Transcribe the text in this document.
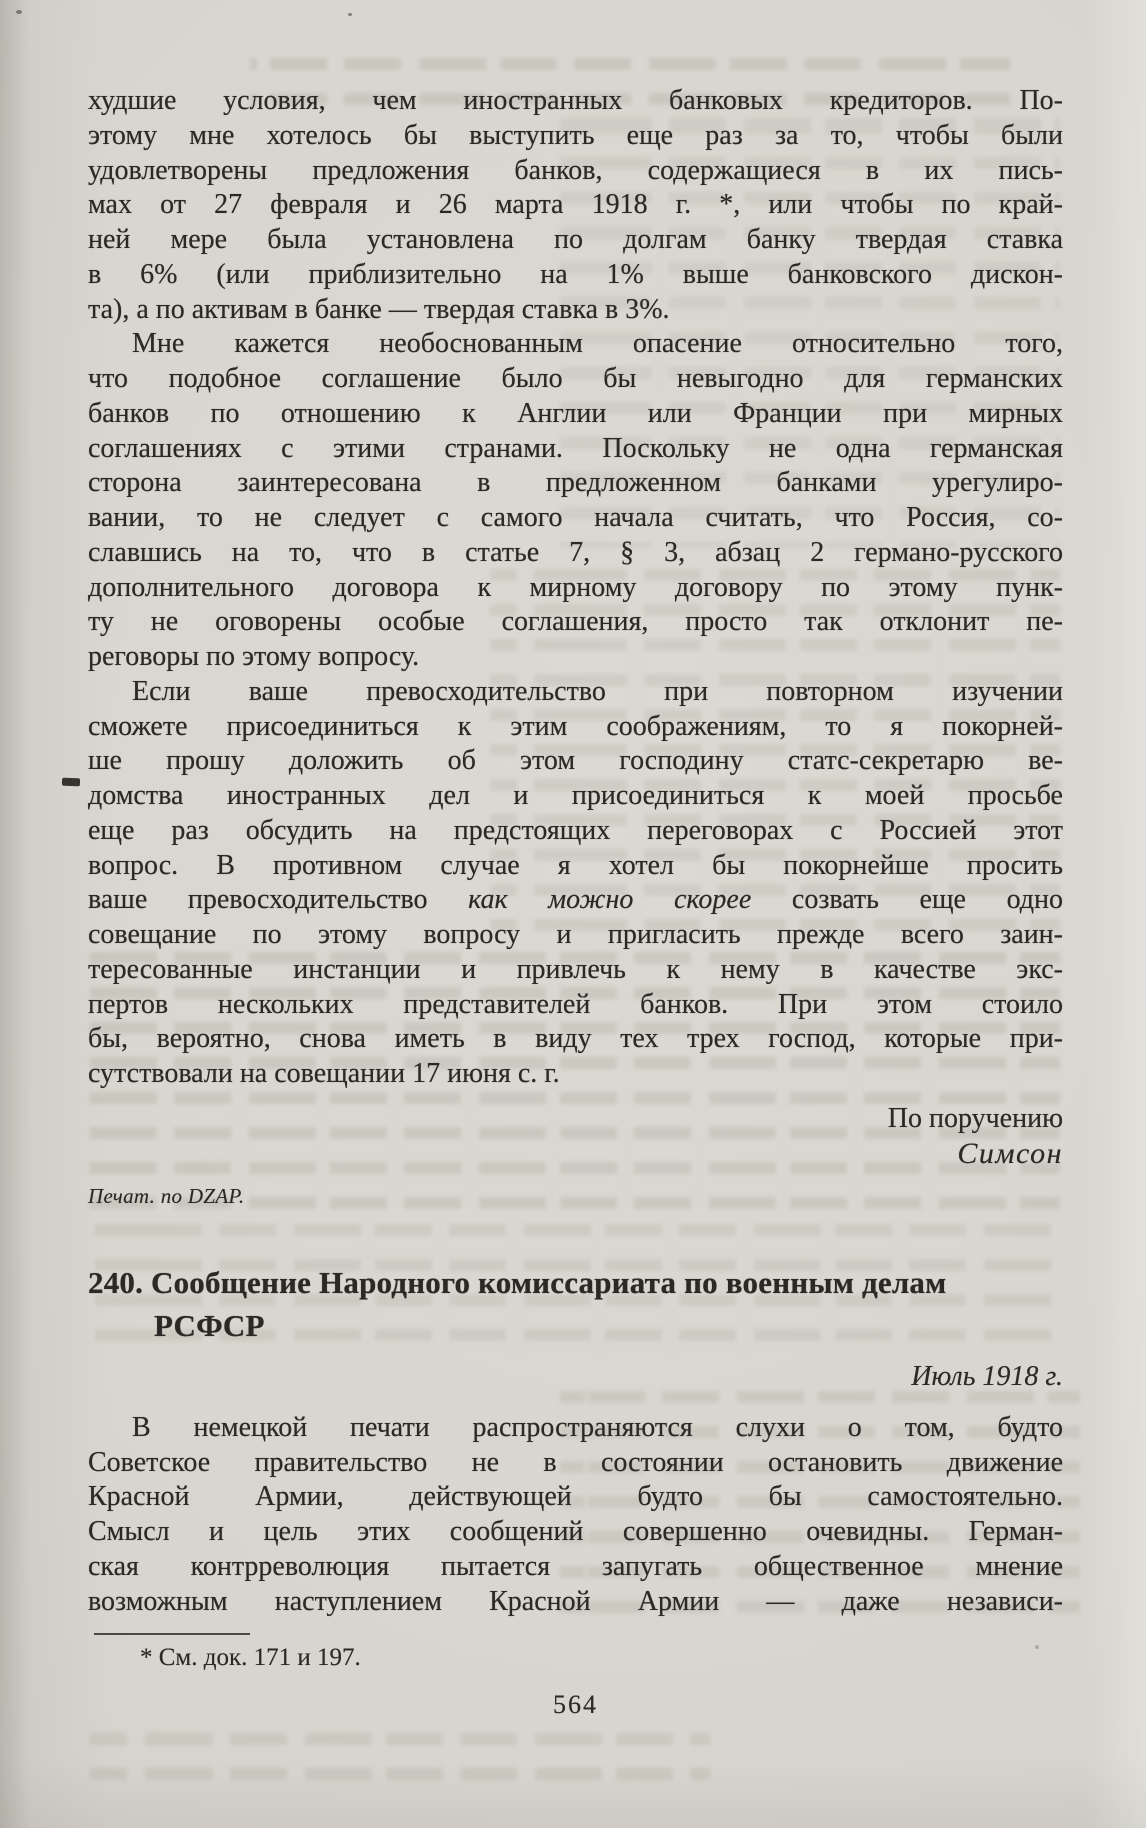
худшие условия, чем иностранных банковых кредиторов. По-
этому мне хотелось бы выступить еще раз за то, чтобы были
удовлетворены предложения банков, содержащиеся в их пись-
мах от 27 февраля и 26 марта 1918 г. *, или чтобы по край-
ней мере была установлена по долгам банку твердая ставка
в 6% (или приблизительно на 1% выше банковского дискон-
та), а по активам в банке — твердая ставка в 3%.
Мне кажется необоснованным опасение относительно того,
что подобное соглашение было бы невыгодно для германских
банков по отношению к Англии или Франции при мирных
соглашениях с этими странами. Поскольку не одна германская
сторона заинтересована в предложенном банками урегулиро-
вании, то не следует с самого начала считать, что Россия, со-
славшись на то, что в статье 7, § 3, абзац 2 германо-русского
дополнительного договора к мирному договору по этому пунк-
ту не оговорены особые соглашения, просто так отклонит пе-
реговоры по этому вопросу.
Если ваше превосходительство при повторном изучении
сможете присоединиться к этим соображениям, то я покорней-
ше прошу доложить об этом господину статс-секретарю ве-
домства иностранных дел и присоединиться к моей просьбе
еще раз обсудить на предстоящих переговорах с Россией этот
вопрос. В противном случае я хотел бы покорнейше просить
ваше превосходительство как можно скорее созвать еще одно
совещание по этому вопросу и пригласить прежде всего заин-
тересованные инстанции и привлечь к нему в качестве экс-
пертов нескольких представителей банков. При этом стоило
бы, вероятно, снова иметь в виду тех трех господ, которые при-
сутствовали на совещании 17 июня с. г.
По поручению
Симсон
Печат. по DZAP.
240. Сообщение Народного комиссариата по военным делам
РСФСР
Июль 1918 г.
В немецкой печати распространяются слухи о том, будто
Советское правительство не в состоянии остановить движение
Красной Армии, действующей будто бы самостоятельно.
Смысл и цель этих сообщений совершенно очевидны. Герман-
ская контрреволюция пытается запугать общественное мнение
возможным наступлением Красной Армии — даже независи-
* См. док. 171 и 197.
564
